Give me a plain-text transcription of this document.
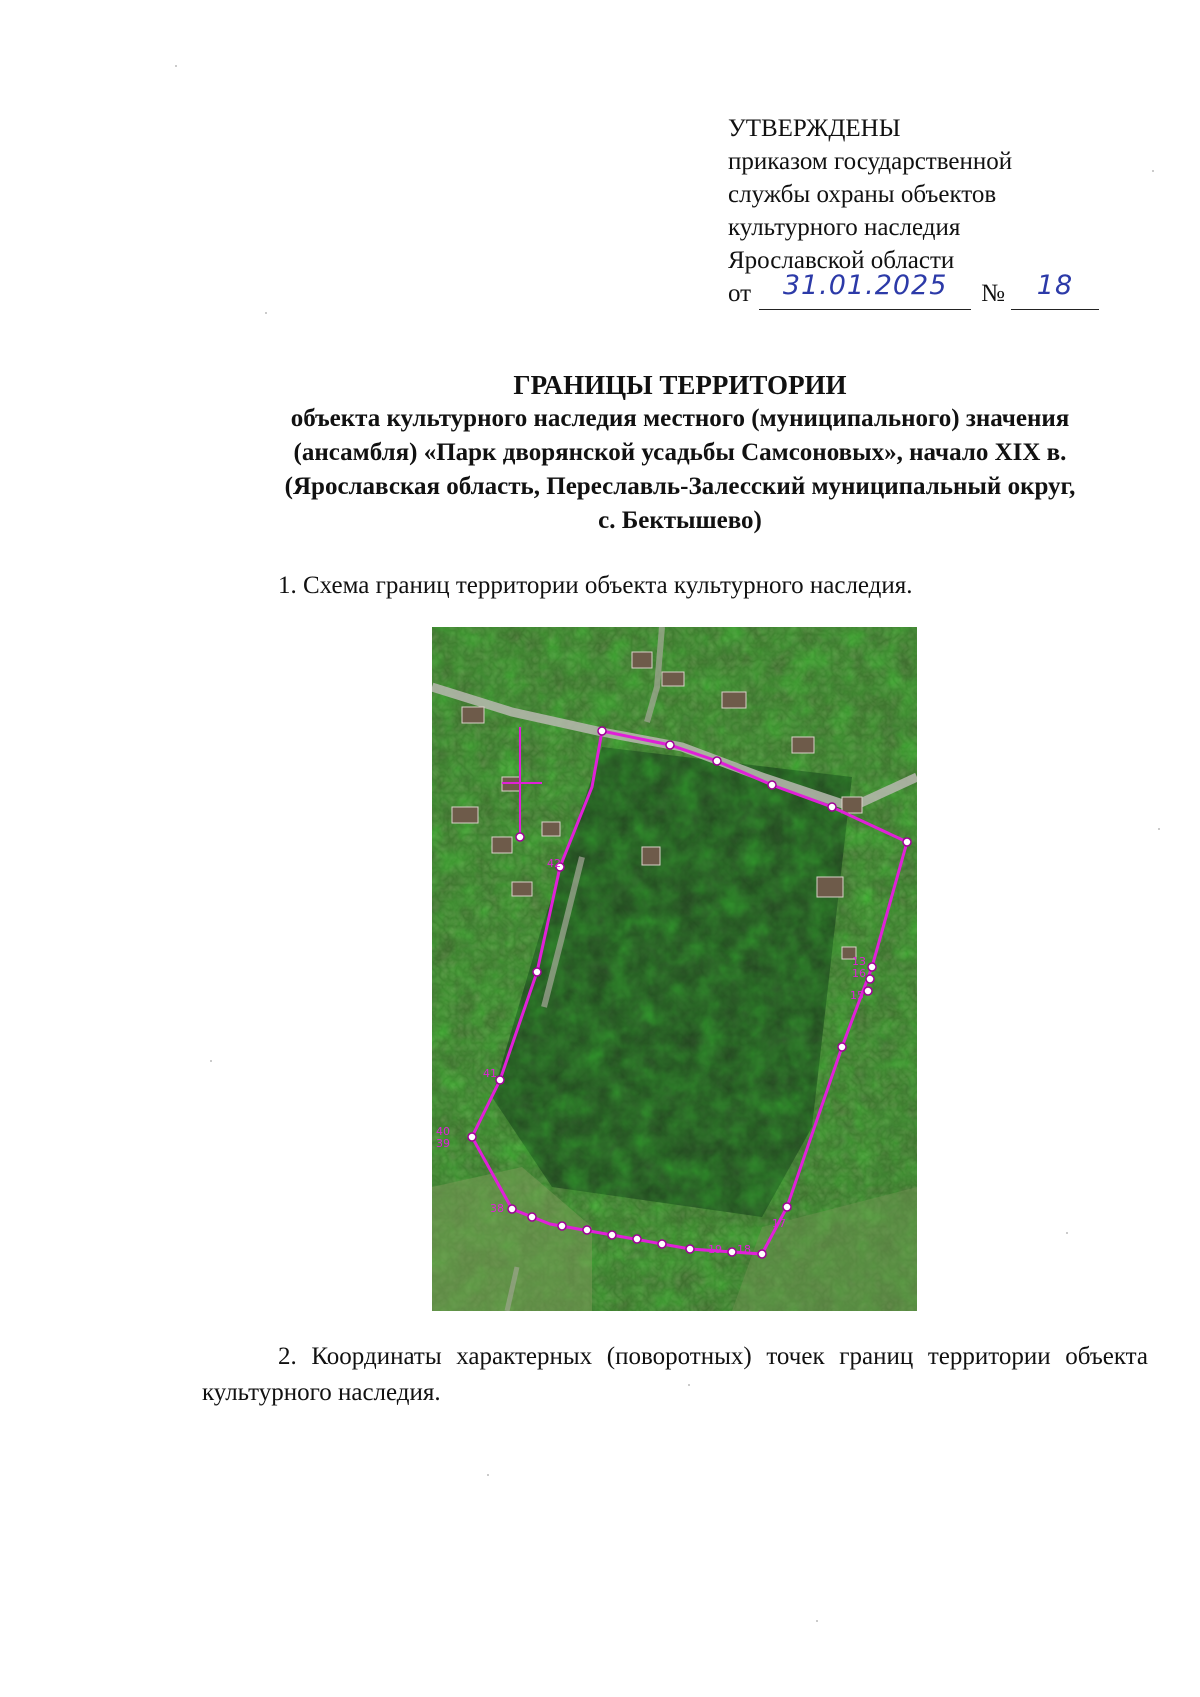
УТВЕРЖДЕНЫ
приказом государственной
службы охраны объектов
культурного наследия
Ярославской области
от	31.01.2025	№	18
ГРАНИЦЫ ТЕРРИТОРИИ
объекта культурного наследия местного (муниципального) значения
(ансамбля) «Парк дворянской усадьбы Самсоновых», начало XIX в.
(Ярославская область, Переславль-Залесский муниципальный округ,
с. Бектышево)
1. Схема границ территории объекта культурного наследия.
41
42
40
39
38
15
13
16
17
18
19
2. Координаты характерных (поворотных) точек границ территории объекта культурного наследия.
